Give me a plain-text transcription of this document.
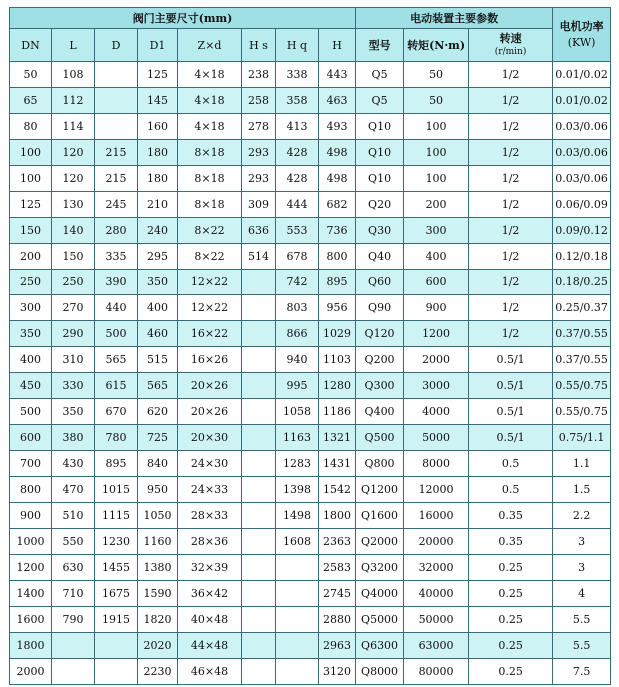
阀门主要尺寸(mm)								电动装置主要参数			电机功率
(KW)

DN	L	D	D1	Z×d	H s	H q	H	型号	转矩(N·m)	转速
(r/min)	

50	108		125	4×18	238	338	443	Q5	50	1/2	0.01/0.02
65	112		145	4×18	258	358	463	Q5	50	1/2	0.01/0.02
80	114		160	4×18	278	413	493	Q10	100	1/2	0.03/0.06
100	120	215	180	8×18	293	428	498	Q10	100	1/2	0.03/0.06
100	120	215	180	8×18	293	428	498	Q10	100	1/2	0.03/0.06
125	130	245	210	8×18	309	444	682	Q20	200	1/2	0.06/0.09
150	140	280	240	8×22	636	553	736	Q30	300	1/2	0.09/0.12
200	150	335	295	8×22	514	678	800	Q40	400	1/2	0.12/0.18
250	250	390	350	12×22		742	895	Q60	600	1/2	0.18/0.25
300	270	440	400	12×22		803	956	Q90	900	1/2	0.25/0.37
350	290	500	460	16×22		866	1029	Q120	1200	1/2	0.37/0.55
400	310	565	515	16×26		940	1103	Q200	2000	0.5/1	0.37/0.55
450	330	615	565	20×26		995	1280	Q300	3000	0.5/1	0.55/0.75
500	350	670	620	20×26		1058	1186	Q400	4000	0.5/1	0.55/0.75
600	380	780	725	20×30		1163	1321	Q500	5000	0.5/1	0.75/1.1
700	430	895	840	24×30		1283	1431	Q800	8000	0.5	1.1
800	470	1015	950	24×33		1398	1542	Q1200	12000	0.5	1.5
900	510	1115	1050	28×33		1498	1800	Q1600	16000	0.35	2.2
1000	550	1230	1160	28×36		1608	2363	Q2000	20000	0.35	3
1200	630	1455	1380	32×39			2583	Q3200	32000	0.25	3
1400	710	1675	1590	36×42			2745	Q4000	40000	0.25	4
1600	790	1915	1820	40×48			2880	Q5000	50000	0.25	5.5
1800			2020	44×48			2963	Q6300	63000	0.25	5.5
2000			2230	46×48			3120	Q8000	80000	0.25	7.5
